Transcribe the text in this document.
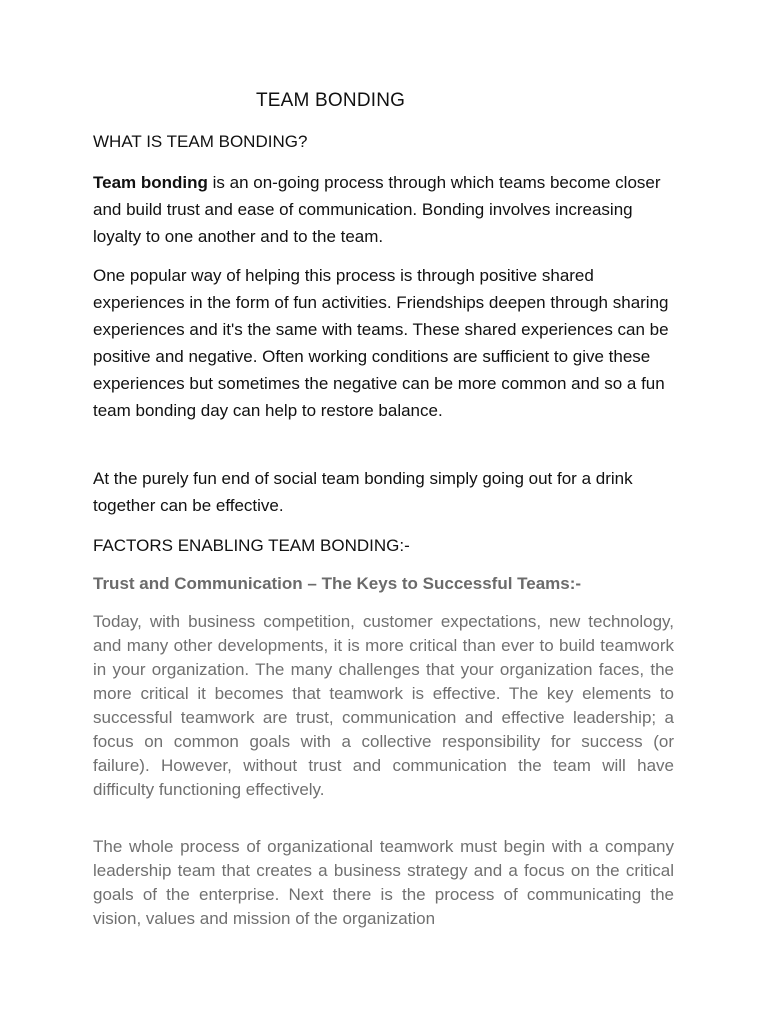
TEAM BONDING
WHAT IS TEAM BONDING?
Team bonding is an on-going process through which teams become closer and build trust and ease of communication. Bonding involves increasing loyalty to one another and to the team.
One popular way of helping this process is through positive shared experiences in the form of fun activities. Friendships deepen through sharing experiences and it's the same with teams. These shared experiences can be positive and negative. Often working conditions are sufficient to give these experiences but sometimes the negative can be more common and so a fun team bonding day can help to restore balance.
At the purely fun end of social team bonding simply going out for a drink together can be effective.
FACTORS ENABLING TEAM BONDING:-
Trust and Communication – The Keys to Successful Teams:-
Today, with business competition, customer expectations, new technology, and many other developments, it is more critical than ever to build teamwork in your organization. The many challenges that your organization faces, the more critical it becomes that teamwork is effective. The key elements to successful teamwork are trust, communication and effective leadership; a focus on common goals with a collective responsibility for success (or failure). However, without trust and communication the team will have difficulty functioning effectively.
The whole process of organizational teamwork must begin with a company leadership team that creates a business strategy and a focus on the critical goals of the enterprise. Next there is the process of communicating the vision, values and mission of the organization
